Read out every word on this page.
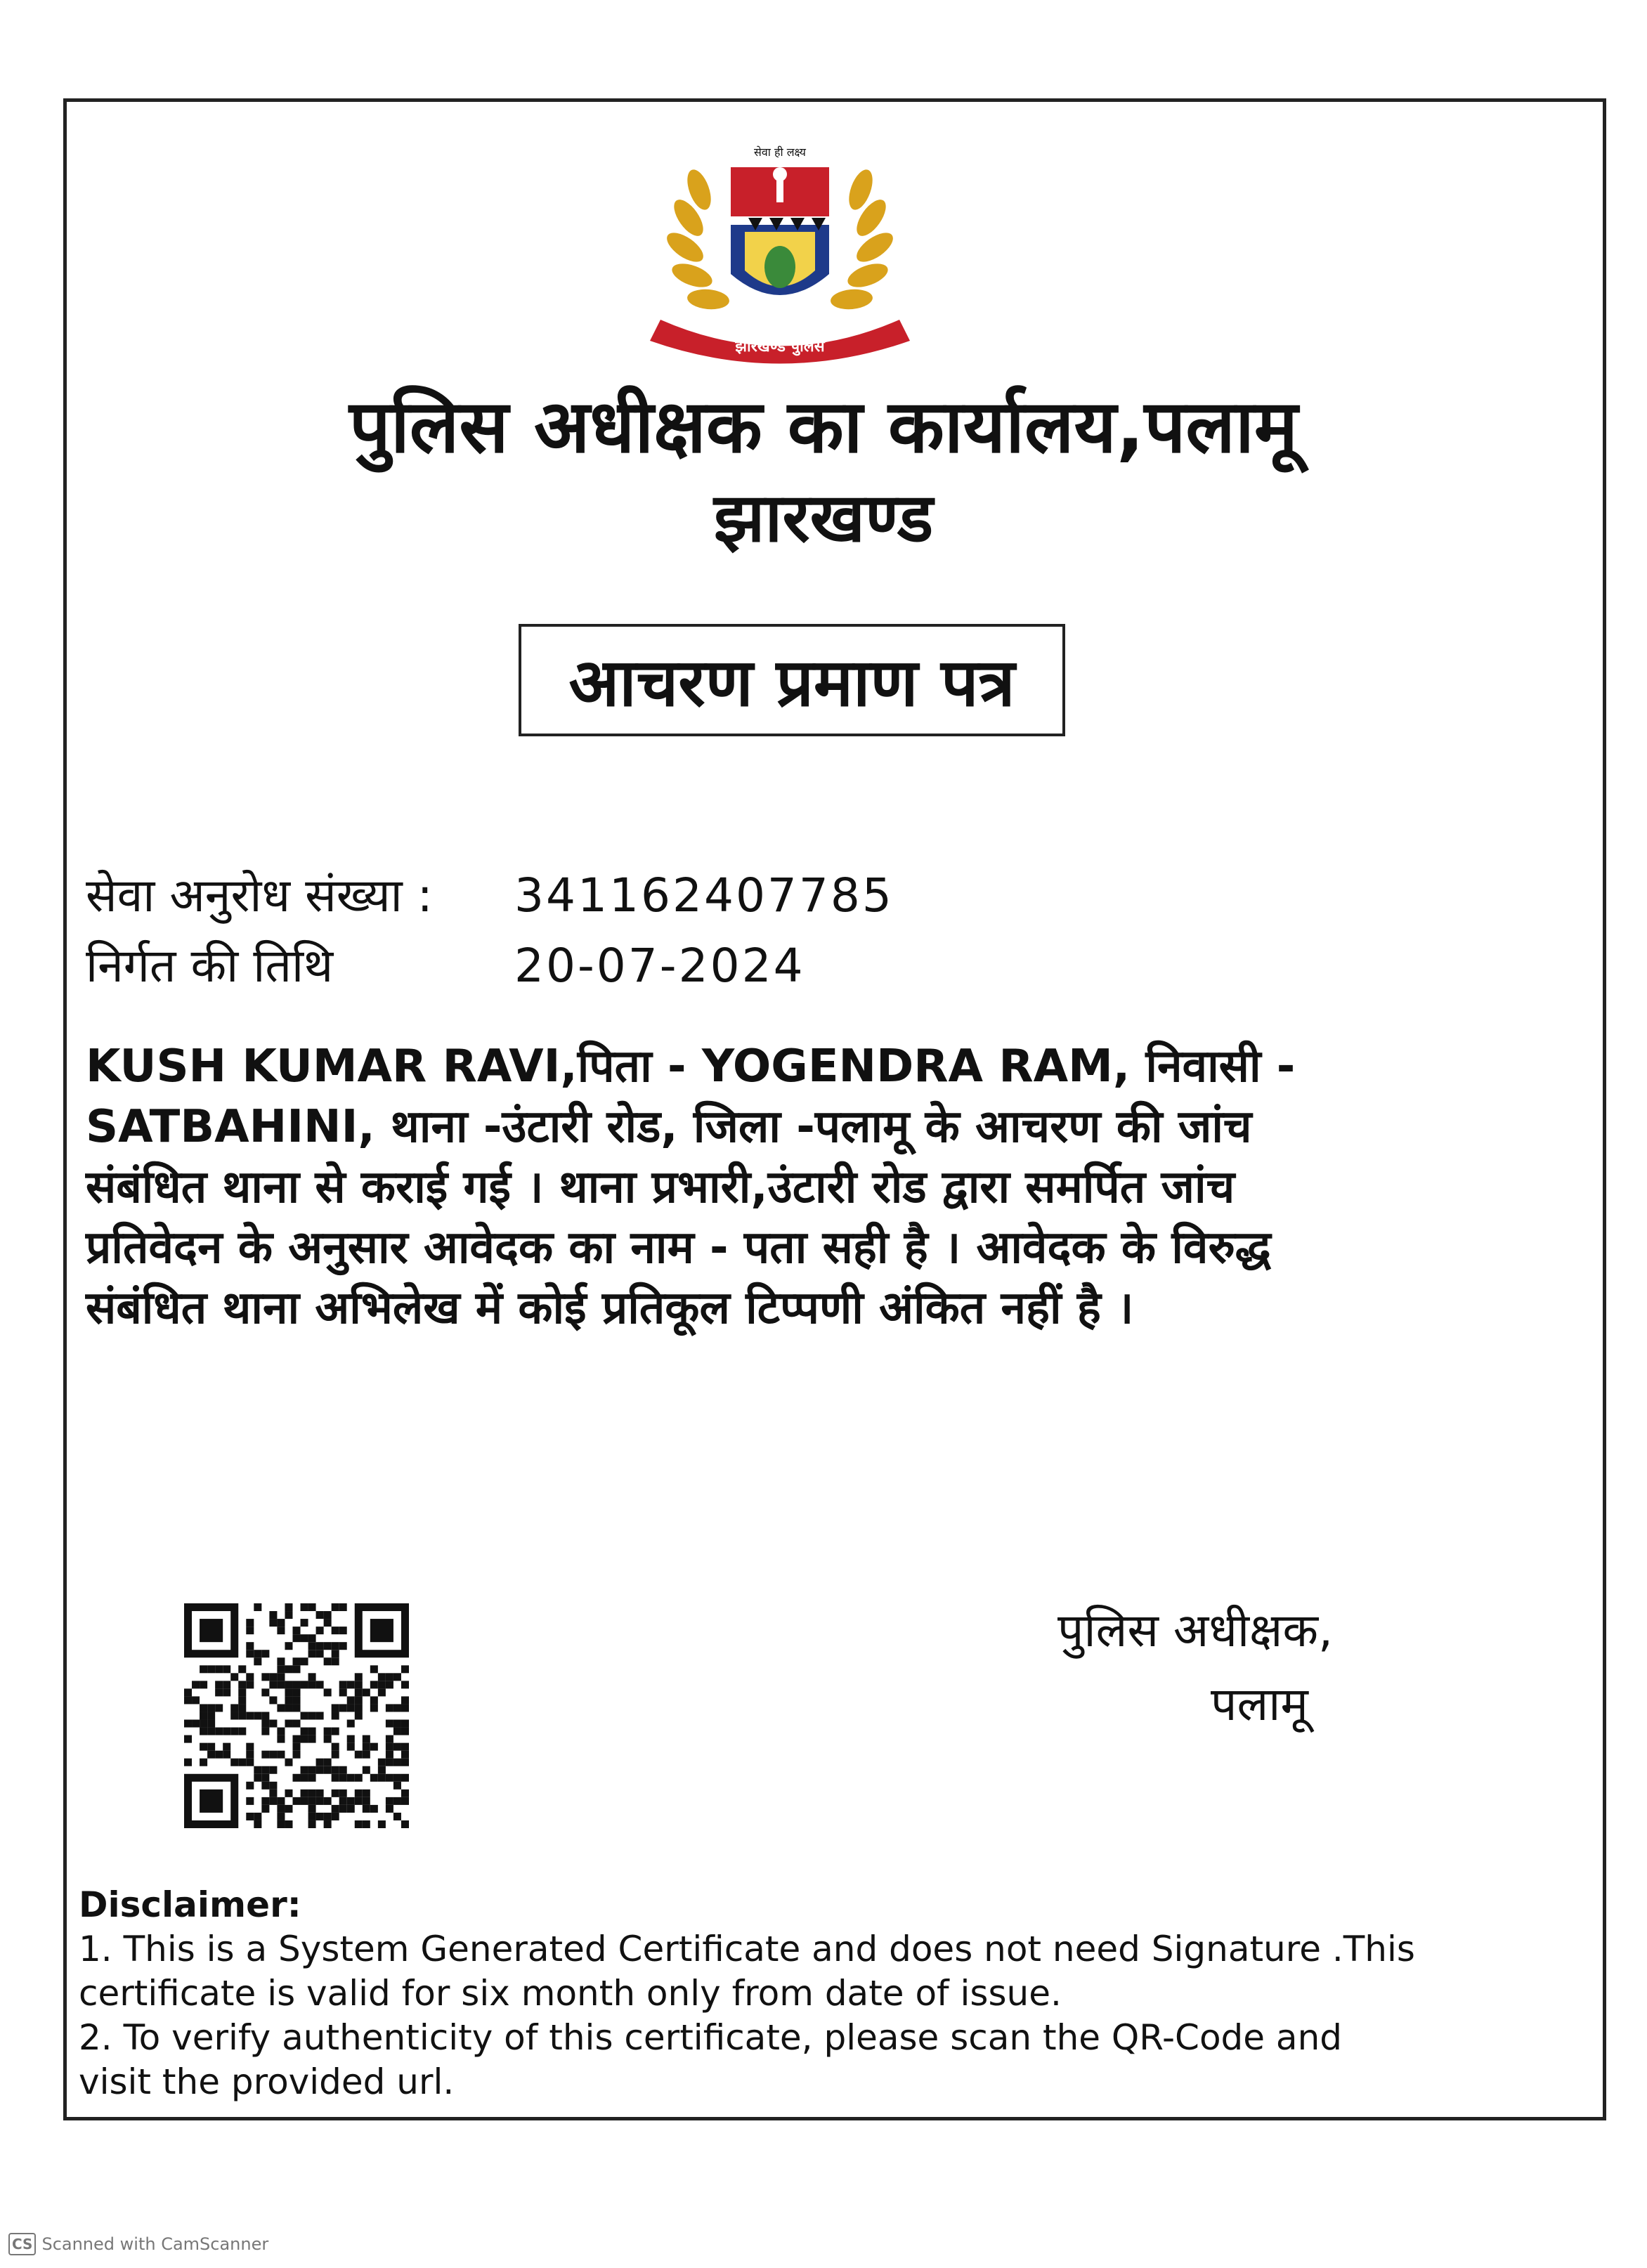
सेवा ही लक्ष्य
झारखण्ड पुलिस
पुलिस अधीक्षक का कार्यालय,पलामू
झारखण्ड
आचरण प्रमाण पत्र
सेवा अनुरोध संख्या : 341162407785
निर्गत की तिथि	20-07-2024
KUSH KUMAR RAVI,पिता - YOGENDRA RAM, निवासी -
SATBAHINI, थाना -उंटारी रोड, जिला -पलामू के आचरण की जांच
संबंधित थाना से कराई गई । थाना प्रभारी,उंटारी रोड द्वारा समर्पित जांच
प्रतिवेदन के अनुसार आवेदक का नाम - पता सही है । आवेदक के विरुद्ध
संबंधित थाना अभिलेख में कोई प्रतिकूल टिप्पणी अंकित नहीं है ।
पुलिस अधीक्षक,
पलामू
Disclaimer:
1. This is a System Generated Certificate and does not need Signature .This
certificate is valid for six month only from date of issue.
2. To verify authenticity of this certificate, please scan the QR-Code and
visit the provided url.
CS Scanned with CamScanner
